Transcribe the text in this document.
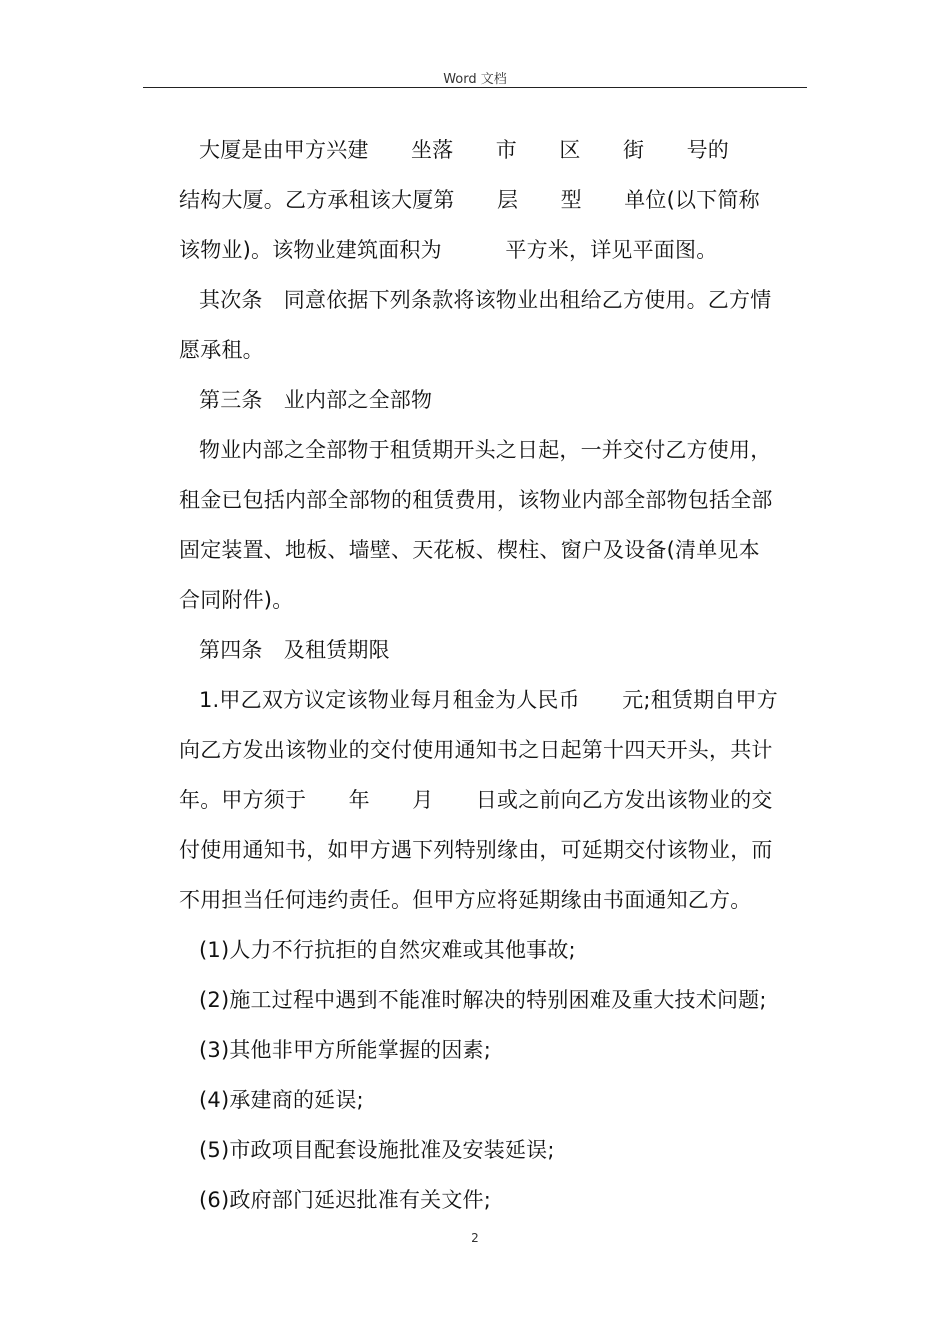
Word 文档
大厦是由甲方兴建　　坐落　　市　　区　　街　　号的
结构大厦。乙方承租该大厦第　　层　　型　　单位(以下简称
该物业)。该物业建筑面积为　　　平方米，详见平面图。
其次条　同意依据下列条款将该物业出租给乙方使用。乙方情
愿承租。
第三条　业内部之全部物
物业内部之全部物于租赁期开头之日起，一并交付乙方使用，
租金已包括内部全部物的租赁费用，该物业内部全部物包括全部
固定装置、地板、墙壁、天花板、楔柱、窗户及设备(清单见本
合同附件)。
第四条　及租赁期限
1.甲乙双方议定该物业每月租金为人民币　　元;租赁期自甲方
向乙方发出该物业的交付使用通知书之日起第十四天开头，共计
年。甲方须于　　年　　月　　日或之前向乙方发出该物业的交
付使用通知书，如甲方遇下列特别缘由，可延期交付该物业，而
不用担当任何违约责任。但甲方应将延期缘由书面通知乙方。
(1)人力不行抗拒的自然灾难或其他事故;
(2)施工过程中遇到不能准时解决的特别困难及重大技术问题;
(3)其他非甲方所能掌握的因素;
(4)承建商的延误;
(5)市政项目配套设施批准及安装延误;
(6)政府部门延迟批准有关文件;
2
